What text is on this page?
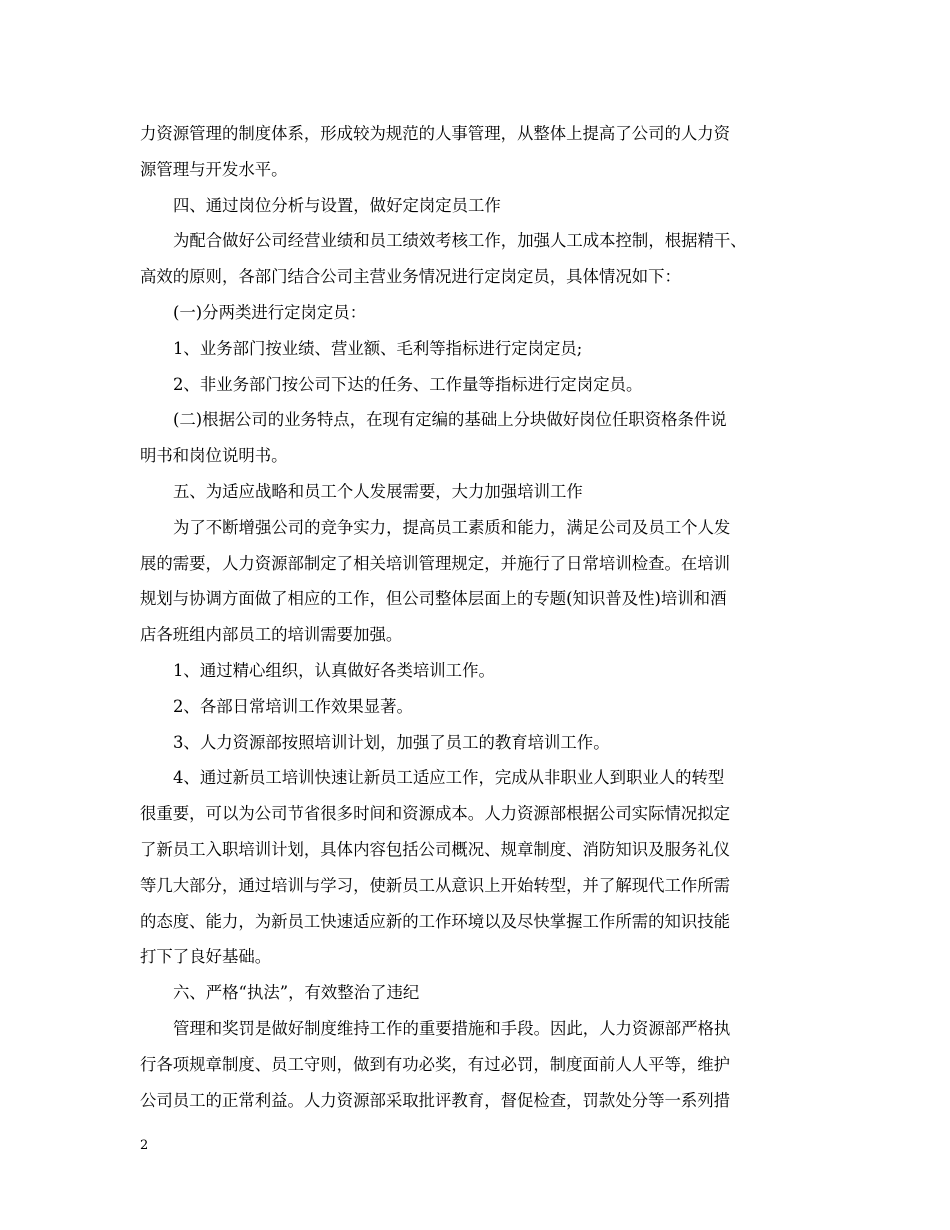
力资源管理的制度体系，形成较为规范的人事管理，从整体上提高了公司的人力资
源管理与开发水平。
四、通过岗位分析与设置，做好定岗定员工作
为配合做好公司经营业绩和员工绩效考核工作，加强人工成本控制，根据精干、
高效的原则，各部门结合公司主营业务情况进行定岗定员，具体情况如下：
(一)分两类进行定岗定员：
1、业务部门按业绩、营业额、毛利等指标进行定岗定员;
2、非业务部门按公司下达的任务、工作量等指标进行定岗定员。
(二)根据公司的业务特点，在现有定编的基础上分块做好岗位任职资格条件说
明书和岗位说明书。
五、为适应战略和员工个人发展需要，大力加强培训工作
为了不断增强公司的竞争实力，提高员工素质和能力，满足公司及员工个人发
展的需要，人力资源部制定了相关培训管理规定，并施行了日常培训检查。在培训
规划与协调方面做了相应的工作，但公司整体层面上的专题(知识普及性)培训和酒
店各班组内部员工的培训需要加强。
1、通过精心组织，认真做好各类培训工作。
2、各部日常培训工作效果显著。
3、人力资源部按照培训计划，加强了员工的教育培训工作。
4、通过新员工培训快速让新员工适应工作，完成从非职业人到职业人的转型
很重要，可以为公司节省很多时间和资源成本。人力资源部根据公司实际情况拟定
了新员工入职培训计划，具体内容包括公司概况、规章制度、消防知识及服务礼仪
等几大部分，通过培训与学习，使新员工从意识上开始转型，并了解现代工作所需
的态度、能力，为新员工快速适应新的工作环境以及尽快掌握工作所需的知识技能
打下了良好基础。
六、严格“执法”，有效整治了违纪
管理和奖罚是做好制度维持工作的重要措施和手段。因此，人力资源部严格执
行各项规章制度、员工守则，做到有功必奖，有过必罚，制度面前人人平等，维护
公司员工的正常利益。人力资源部采取批评教育，督促检查，罚款处分等一系列措
2
